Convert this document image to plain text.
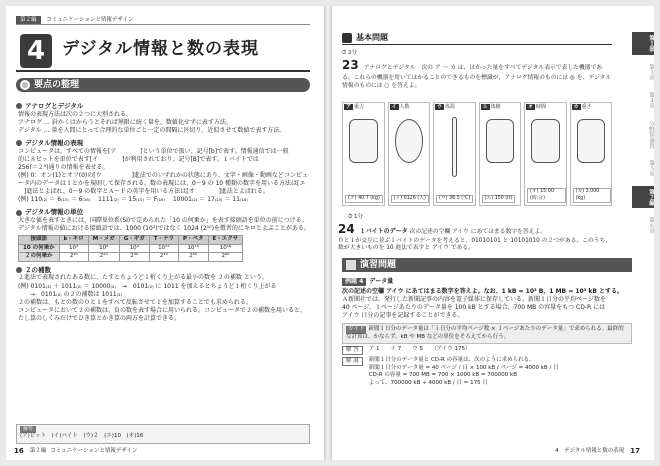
第２編 コミュニケーションと情報デザイン
4 デジタル情報と数の表現
要点の整理
アナログとデジタル
情報の表現方法は次の２つに大別される。
アナログ … 針かくはからうとそれば無限に続く量を、数値化せずに表す方法。
デジタル … 量を人間にとって合理的な単位ごと一定の間隔に区切り、近似させて数値で表す方法。
デジタル情報の表現
コンピュータは、すべての情報を[ア　　　　]という単位で扱い、記号[b]で表す。情報通信では一般
的に８ビットを単位で表す[イ　　　　]が利用されており、記号[B]で表す。１バイトでは
256(＝２⁸)通りの情報を表せる。
(例) 0：オン(1)とオフ(0)の[ウ　　　　　]進法でのいずれかの状態にあり、文字・画像・動画などコンピュ
ータ内のデータは１とかを規則して保存される。数の表現には、0〜9 の 10 種類の数字を用いる方法は[エ
　]進法とよばれ、0〜9 の数字とＡ〜Ｆの英字を用いる方法は[オ　　　　]進法とよばれる。
(例) 110₍₂₎ ＝ 6₍₁₀₎ ＝ 6₍₁₆₎　 1111₍₂₎ ＝ 15₍₁₀₎ ＝ F₍₁₆₎　 10001₍₂₎ ＝ 17₍₁₀₎ ＝ 11₍₁₆₎
デジタル情報の単位
大きな値を表すときには、国際単位系(SI)で定められた「10 の何乗か」を表す接頭語を単位の前につける。
デジタル情報の値における接頭語では、1000 (10³)ではなく 1024 (2¹⁰)を慣習的にキロとよぶことがある。
接頭語	k・キロ	M・メガ	G・ギガ	T・テラ	P・ペタ	E・エクサ
10 の何乗か	10³	10⁶	10⁹	10¹²	10¹⁵	10¹⁸
２の何乗か	2¹⁰	2²⁰	2³⁰	2⁴⁰	2⁵⁰	2⁶⁰
２の補数
２進法で表現されたある数に、たすとちょうど１桁くり上がる最小の数を ２の補数 という。
(例) 0101₍₂₎ ＋ 1011₍₂₎ ＝ 10000₍₂₎　→　0101₍₂₎ に 1011 を加えるとちょうど１桁くり上がる
　　→　0101₍₂₎ の２の補数は 1011₍₂₎
２の補数は、もとの数の０と１をすべて反転させて１を加算することでも求められる。
コンピュータにおいて２の補数は、負の数を表す場合に用いられる。コンピュータで２の補数を用いると、
たし算のしくみだけでひき算とかき算の両方を計算できる。
解答
(ア)ビット　(イ)バイト　(ウ)２　(エ)10　(オ)16
16 第２編 コミュニケーションと情報デザイン
基本問題	第１部
第３章
第４章
分野別演習
第５章
第２編
第６章
⏱ 2分
23 アナログとデジタル　次の ア 〜 カ は、はかった量をすべてデジタル表示で表した機器である。これらの機器を用いてはかることのできるものを標識が、アナログ情報のものには ◎ を、デジタル情報のものには ○ を答えよ。
ア 重力
(ア) 40.7 (kg)
イ 人数
(イ) 0126 (人)
ウ 体温
(ウ) 36.5 (℃)
エ 体積
(エ) 150 (lt)
オ 時間
(オ) 15:00 (時:分)
カ 重さ
(カ) 3.000 (kg)
⏱ 1分
24 １バイトのデータ 次の記述の空欄 アイウ にあてはまる数字を答えよ。
０と１が交互に並ぶ１バイトのデータを考えると、01010101 と 10101010 の２つがある。このうち、
数が大きいものを 10 進法で表すと アイウ である。
演習問題
例題 4 データ量
次の記述の空欄 アイウ にあてはまる数字を答えよ。なお、1 kB = 10³ B、1 MB = 10³ kB とする。
Ａ新聞社では、発行した新聞記事の内容を電子媒体に保存している。新聞１日分の平均ページ数を
40 ページ、１ページあたりのデータ量を 100 kB とする場合、700 MB の容量をもつ CD-R には
アイウ 日分の記事を記録することができる。
ガイド 新聞１日分のデータ量は「１日分の平均ページ数 × １ページあたりのデータ量」で求められる。最終的な計算は、かならず、kB や MB などの単位をそろえてから行う。
解 答	ア 1　　イ 7　　ウ 5　　（アイウ 175）
解 説	新聞１日分のデータ量と CD-R の容量は、次のように求められる。
新聞１日分のデータ量 = 40 ページ / 日 × 100 kB / ページ = 4000 kB / 日
CD-R の容量 = 700 MB = 700 × 1000 kB = 700000 kB
よって、700000 kB ÷ 4000 kB / 日 = 175 日
4　デジタル情報と数の表現 17
